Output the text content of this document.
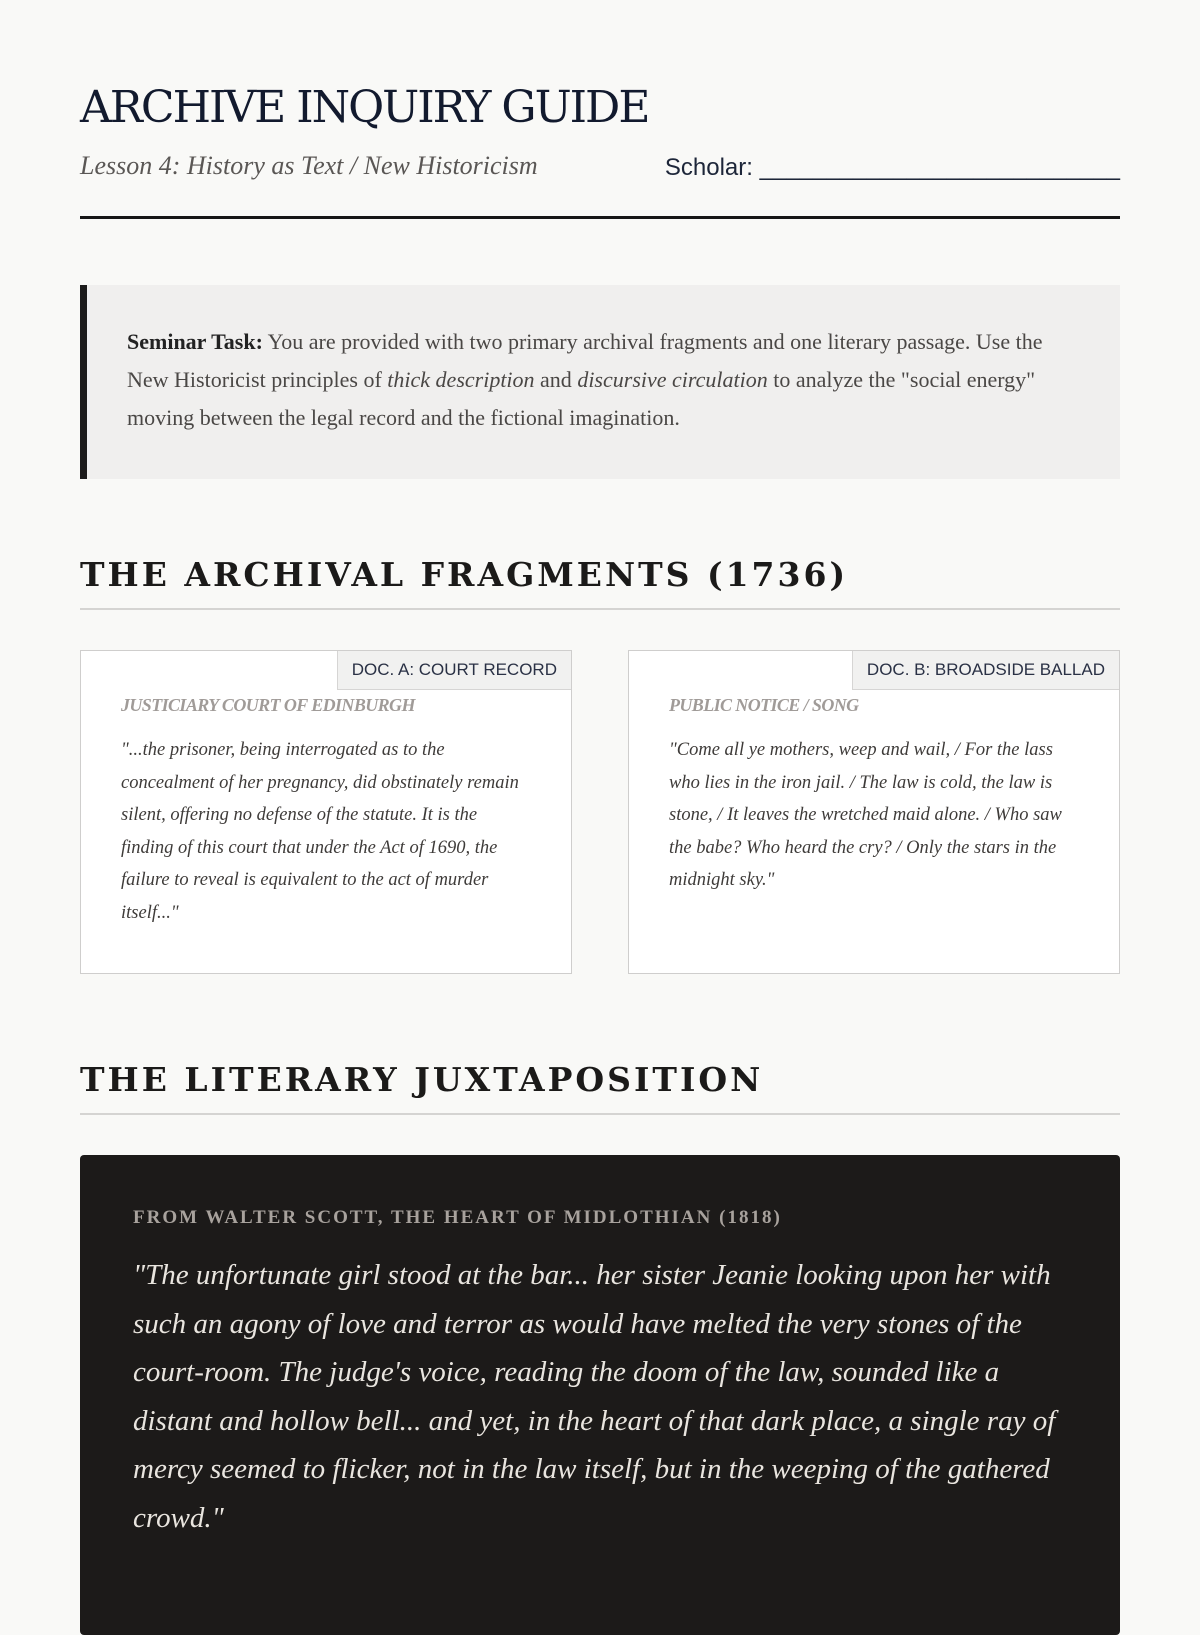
ARCHIVE INQUIRY GUIDE
Lesson 4: History as Text / New Historicism	Scholar: ___________________________
Seminar Task: You are provided with two primary archival fragments and one literary passage. Use the New Historicist principles of thick description and discursive circulation to analyze the "social energy" moving between the legal record and the fictional imagination.
THE ARCHIVAL FRAGMENTS (1736)
DOC. A: COURT RECORD
JUSTICIARY COURT OF EDINBURGH
"...the prisoner, being interrogated as to the concealment of her pregnancy, did obstinately remain silent, offering no defense of the statute. It is the finding of this court that under the Act of 1690, the failure to reveal is equivalent to the act of murder itself..."
DOC. B: BROADSIDE BALLAD
PUBLIC NOTICE / SONG
"Come all ye mothers, weep and wail, / For the lass who lies in the iron jail. / The law is cold, the law is stone, / It leaves the wretched maid alone. / Who saw the babe? Who heard the cry? / Only the stars in the midnight sky."
THE LITERARY JUXTAPOSITION
FROM WALTER SCOTT, THE HEART OF MIDLOTHIAN (1818)
"The unfortunate girl stood at the bar... her sister Jeanie looking upon her with such an agony of love and terror as would have melted the very stones of the court-room. The judge's voice, reading the doom of the law, sounded like a distant and hollow bell... and yet, in the heart of that dark place, a single ray of mercy seemed to flicker, not in the law itself, but in the weeping of the gathered crowd."
